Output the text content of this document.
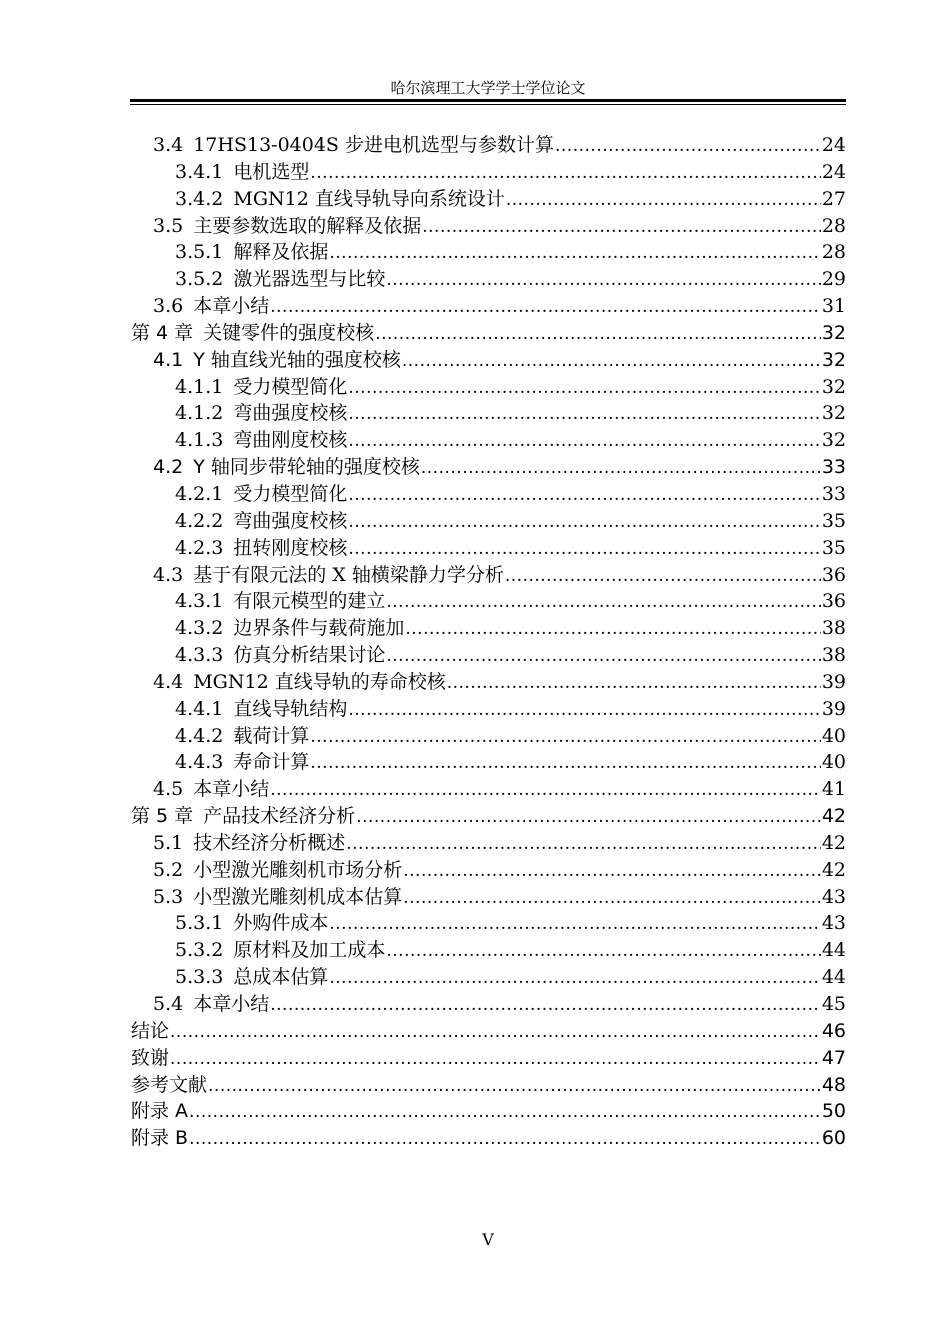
哈尔滨理工大学学士学位论文
3.4 17HS13-0404S 步进电机选型与参数计算 .....	24
3.4.1 电机选型 .....	24
3.4.2 MGN12 直线导轨导向系统设计 .....	27
3.5 主要参数选取的解释及依据 .....	28
3.5.1 解释及依据 .....	28
3.5.2 激光器选型与比较 .....	29
3.6 本章小结 .....	31
第 4 章 关键零件的强度校核 .....	32
4.1 Y 轴直线光轴的强度校核 .....	32
4.1.1 受力模型简化 .....	32
4.1.2 弯曲强度校核 .....	32
4.1.3 弯曲刚度校核 .....	32
4.2 Y 轴同步带轮轴的强度校核 .....	33
4.2.1 受力模型简化 .....	33
4.2.2 弯曲强度校核 .....	35
4.2.3 扭转刚度校核 .....	35
4.3 基于有限元法的 X 轴横梁静力学分析 .....	36
4.3.1 有限元模型的建立 .....	36
4.3.2 边界条件与载荷施加 .....	38
4.3.3 仿真分析结果讨论 .....	38
4.4 MGN12 直线导轨的寿命校核 .....	39
4.4.1 直线导轨结构 .....	39
4.4.2 载荷计算 .....	40
4.4.3 寿命计算 .....	40
4.5 本章小结 .....	41
第 5 章 产品技术经济分析 .....	42
5.1 技术经济分析概述 .....	42
5.2 小型激光雕刻机市场分析 .....	42
5.3 小型激光雕刻机成本估算 .....	43
5.3.1 外购件成本 .....	43
5.3.2 原材料及加工成本 .....	44
5.3.3 总成本估算 .....	44
5.4 本章小结 .....	45
结论 .....	46
致谢 .....	47
参考文献 .....	48
附录 A .....	50
附录 B .....	60
V
